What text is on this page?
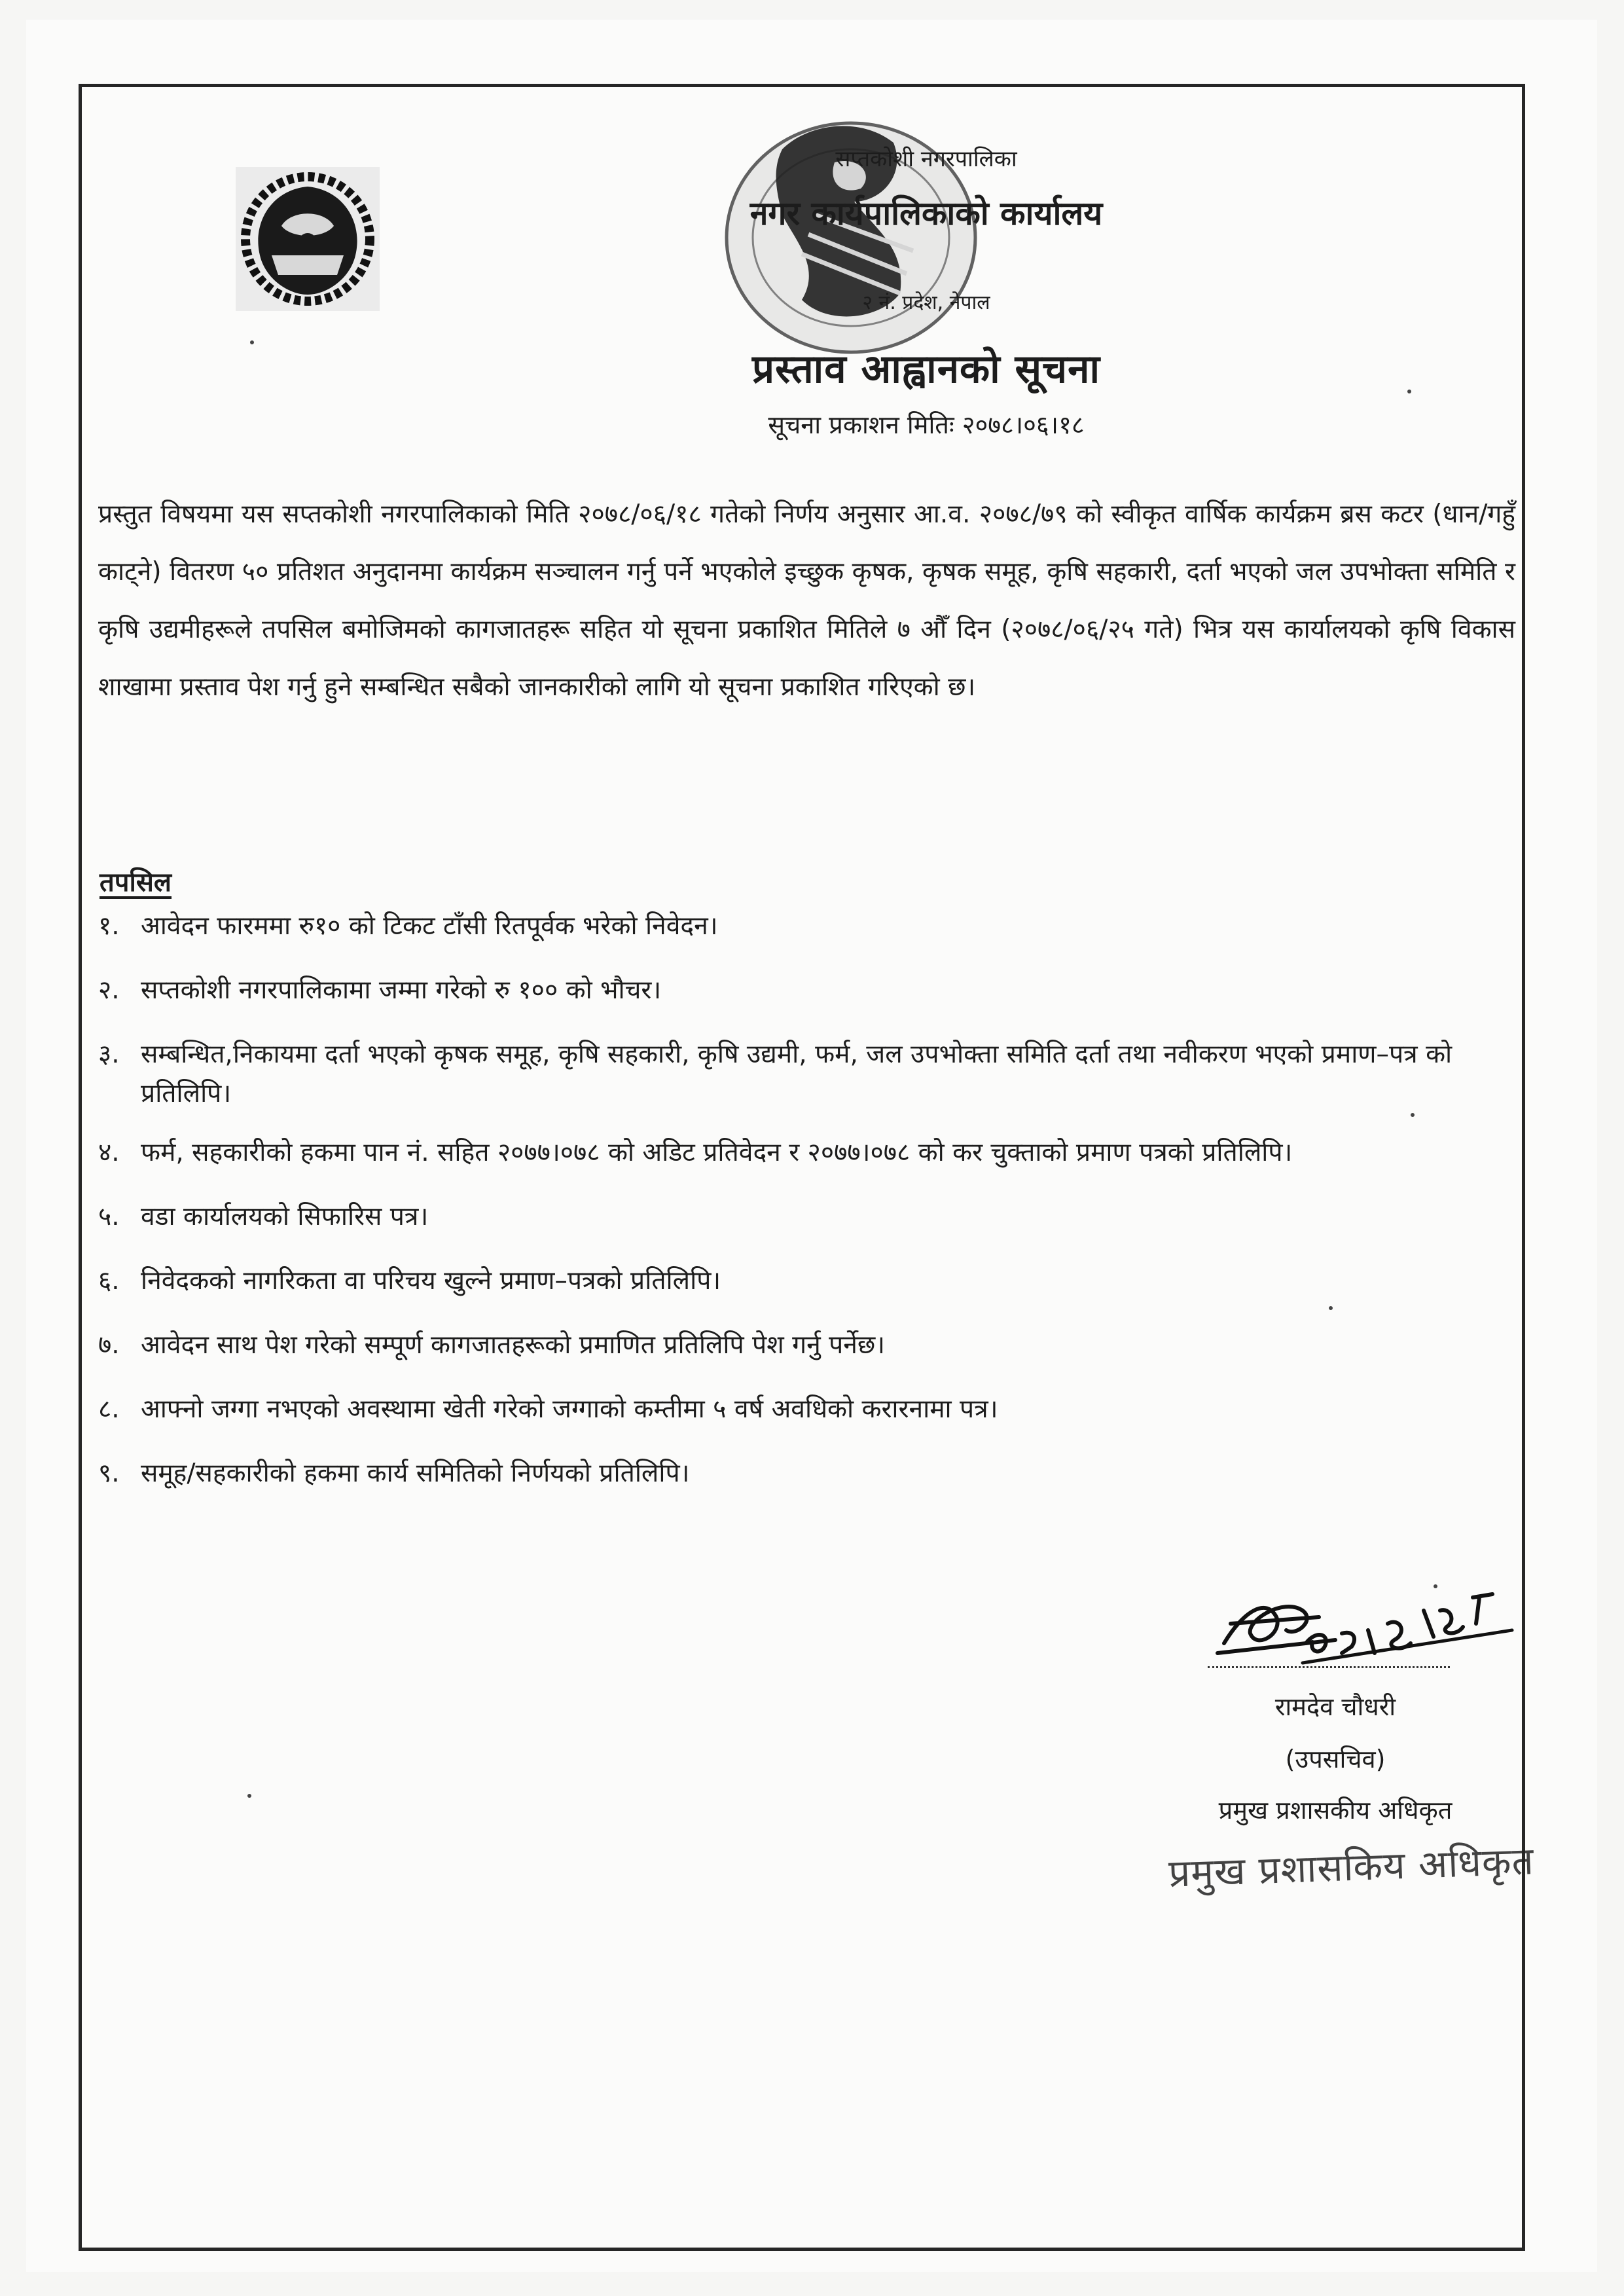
सप्तकोशी नगरपालिका
नगर कार्यपालिकाको कार्यालय
२ नं. प्रदेश, नेपाल
प्रस्ताव आह्वानको सूचना
सूचना प्रकाशन मितिः २०७८।०६।१८
प्रस्तुत विषयमा यस सप्तकोशी नगरपालिकाको मिति २०७८/०६/१८ गतेको निर्णय अनुसार आ.व. २०७८/७९ को स्वीकृत वार्षिक कार्यक्रम ब्रस कटर (धान/गहुँ काट्ने) वितरण ५० प्रतिशत अनुदानमा कार्यक्रम सञ्चालन गर्नु पर्ने भएकोले इच्छुक कृषक, कृषक समूह, कृषि सहकारी, दर्ता भएको जल उपभोक्ता समिति र कृषि उद्यमीहरूले तपसिल बमोजिमको कागजातहरू सहित यो सूचना प्रकाशित मितिले ७ औँ दिन (२०७८/०६/२५ गते) भित्र यस कार्यालयको कृषि विकास शाखामा प्रस्ताव पेश गर्नु हुने सम्बन्धित सबैको जानकारीको लागि यो सूचना प्रकाशित गरिएको छ।
तपसिल
१. आवेदन फारममा रु१० को टिकट टाँसी रितपूर्वक भरेको निवेदन।
२. सप्तकोशी नगरपालिकामा जम्मा गरेको रु १०० को भौचर।
३. सम्बन्धित,निकायमा दर्ता भएको कृषक समूह, कृषि सहकारी, कृषि उद्यमी, फर्म, जल उपभोक्ता समिति दर्ता तथा नवीकरण भएको प्रमाण–पत्र को प्रतिलिपि।
४. फर्म, सहकारीको हकमा पान नं. सहित २०७७।०७८ को अडिट प्रतिवेदन र २०७७।०७८ को कर चुक्ताको प्रमाण पत्रको प्रतिलिपि।
५. वडा कार्यालयको सिफारिस पत्र।
६. निवेदकको नागरिकता वा परिचय खुल्ने प्रमाण–पत्रको प्रतिलिपि।
७. आवेदन साथ पेश गरेको सम्पूर्ण कागजातहरूको प्रमाणित प्रतिलिपि पेश गर्नु पर्नेछ।
८. आफ्नो जग्गा नभएको अवस्थामा खेती गरेको जग्गाको कम्तीमा ५ वर्ष अवधिको करारनामा पत्र।
९. समूह/सहकारीको हकमा कार्य समितिको निर्णयको प्रतिलिपि।
रामदेव चौधरी
(उपसचिव)
प्रमुख प्रशासकीय अधिकृत
प्रमुख प्रशासकिय अधिकृत
